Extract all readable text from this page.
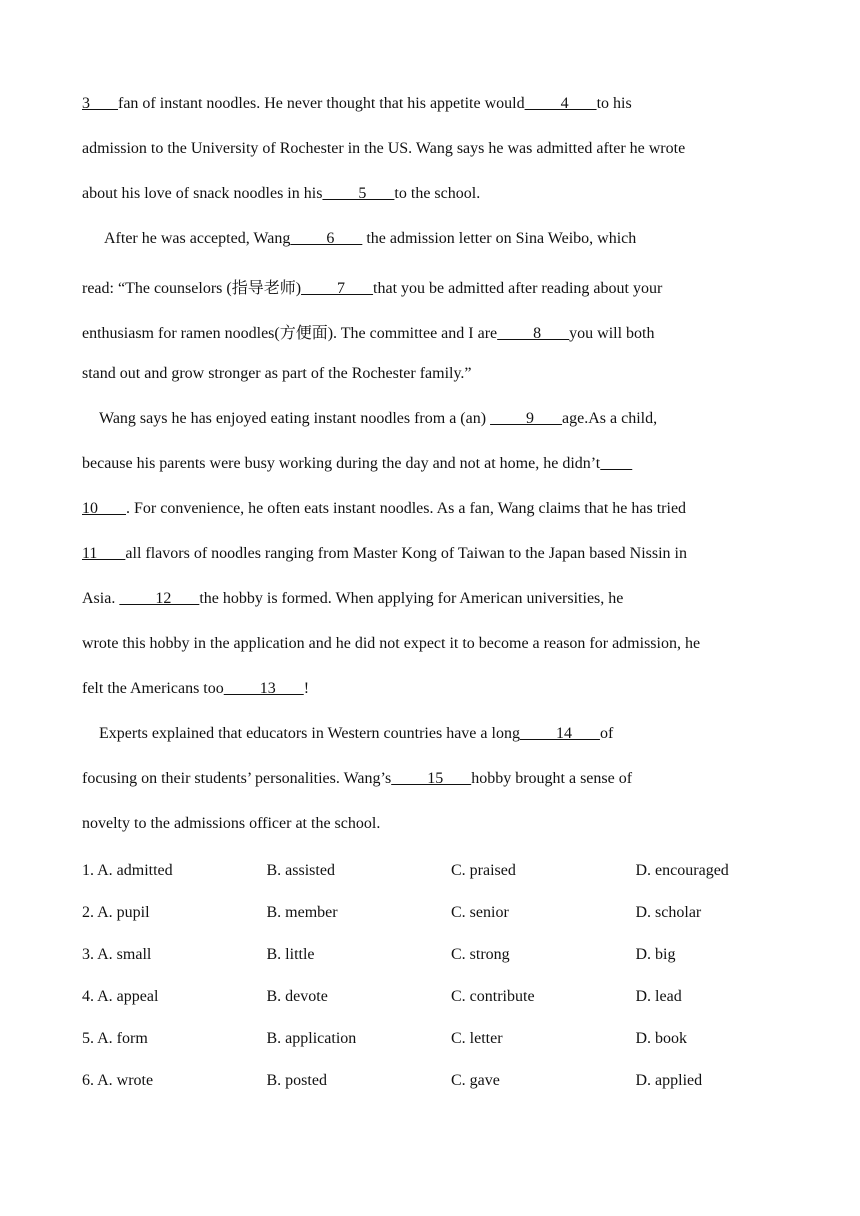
3       fan of instant noodles. He never thought that his appetite would         4       to his
admission to the University of Rochester in the US. Wang says he was admitted after he wrote
about his love of snack noodles in his         5       to the school.
After he was accepted, Wang         6        the admission letter on Sina Weibo, which
read: “The counselors (指导老师)         7       that you be admitted after reading about your
enthusiasm for ramen noodles(方便面). The committee and I are         8       you will both
stand out and grow stronger as part of the Rochester family.”
Wang says he has enjoyed eating instant noodles from a (an)          9       age.As a child,
because his parents were busy working during the day and not at home, he didn’t
10       . For convenience, he often eats instant noodles. As a fan, Wang claims that he has tried
11       all flavors of noodles ranging from Master Kong of Taiwan to the Japan based Nissin in
Asia.          12       the hobby is formed. When applying for American universities, he
wrote this hobby in the application and he did not expect it to become a reason for admission, he
felt the Americans too         13       !
Experts explained that educators in Western countries have a long         14       of
focusing on their students’ personalities. Wang’s         15       hobby brought a sense of
novelty to the admissions officer at the school.
1. A. admitted	B. assisted	C. praised	D. encouraged
2. A. pupil	B. member	C. senior	D. scholar
3. A. small	B. little	C. strong	D. big
4. A. appeal	B. devote	C. contribute	D. lead
5. A. form	B. application	C. letter	D. book
6. A. wrote	B. posted	C. gave	D. applied
